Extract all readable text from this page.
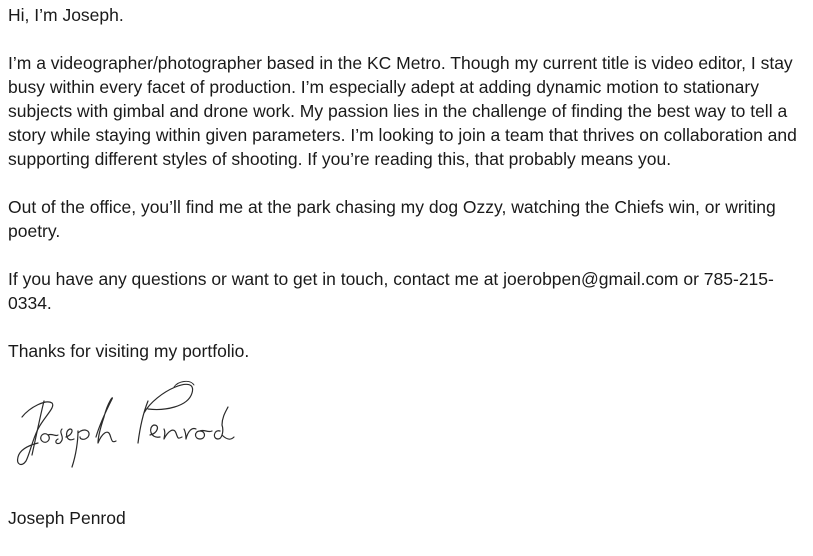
Hi, I’m Joseph.

I’m a videographer/photographer based in the KC Metro. Though my current title is video editor, I stay busy within every facet of production. I’m especially adept at adding dynamic motion to stationary subjects with gimbal and drone work. My passion lies in the challenge of finding the best way to tell a story while staying within given parameters. I’m looking to join a team that thrives on collaboration and supporting different styles of shooting. If you’re reading this, that probably means you.

Out of the office, you’ll find me at the park chasing my dog Ozzy, watching the Chiefs win, or writing poetry.

If you have any questions or want to get in touch, contact me at joerobpen@gmail.com or 785-215-0334.

Thanks for visiting my portfolio.

Joseph Penrod
